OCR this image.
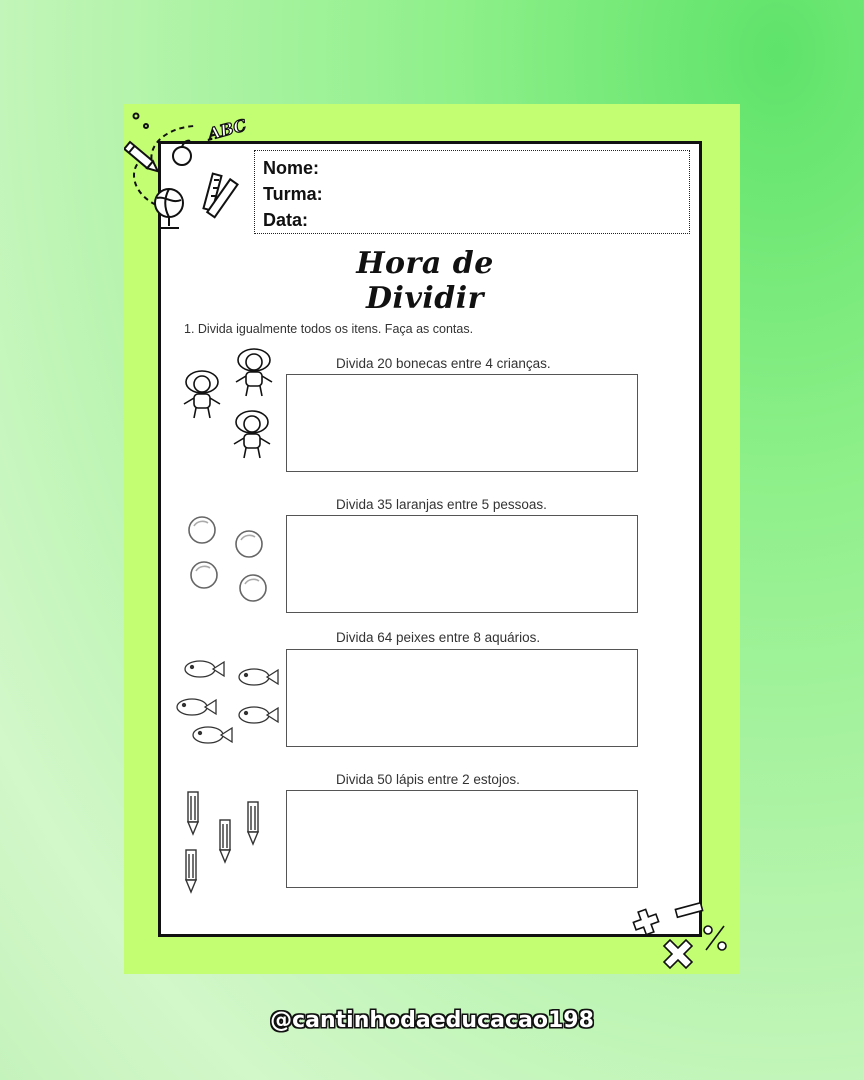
ABC
Nome:
Turma:
Data:
Hora de Dividir
1. Divida igualmente todos os itens. Faça as contas.
Divida 20 bonecas entre 4 crianças.
Divida 35 laranjas entre 5 pessoas.
Divida 64 peixes entre 8 aquários.
Divida 50 lápis entre 2 estojos.
@cantinhodaeducacao198
